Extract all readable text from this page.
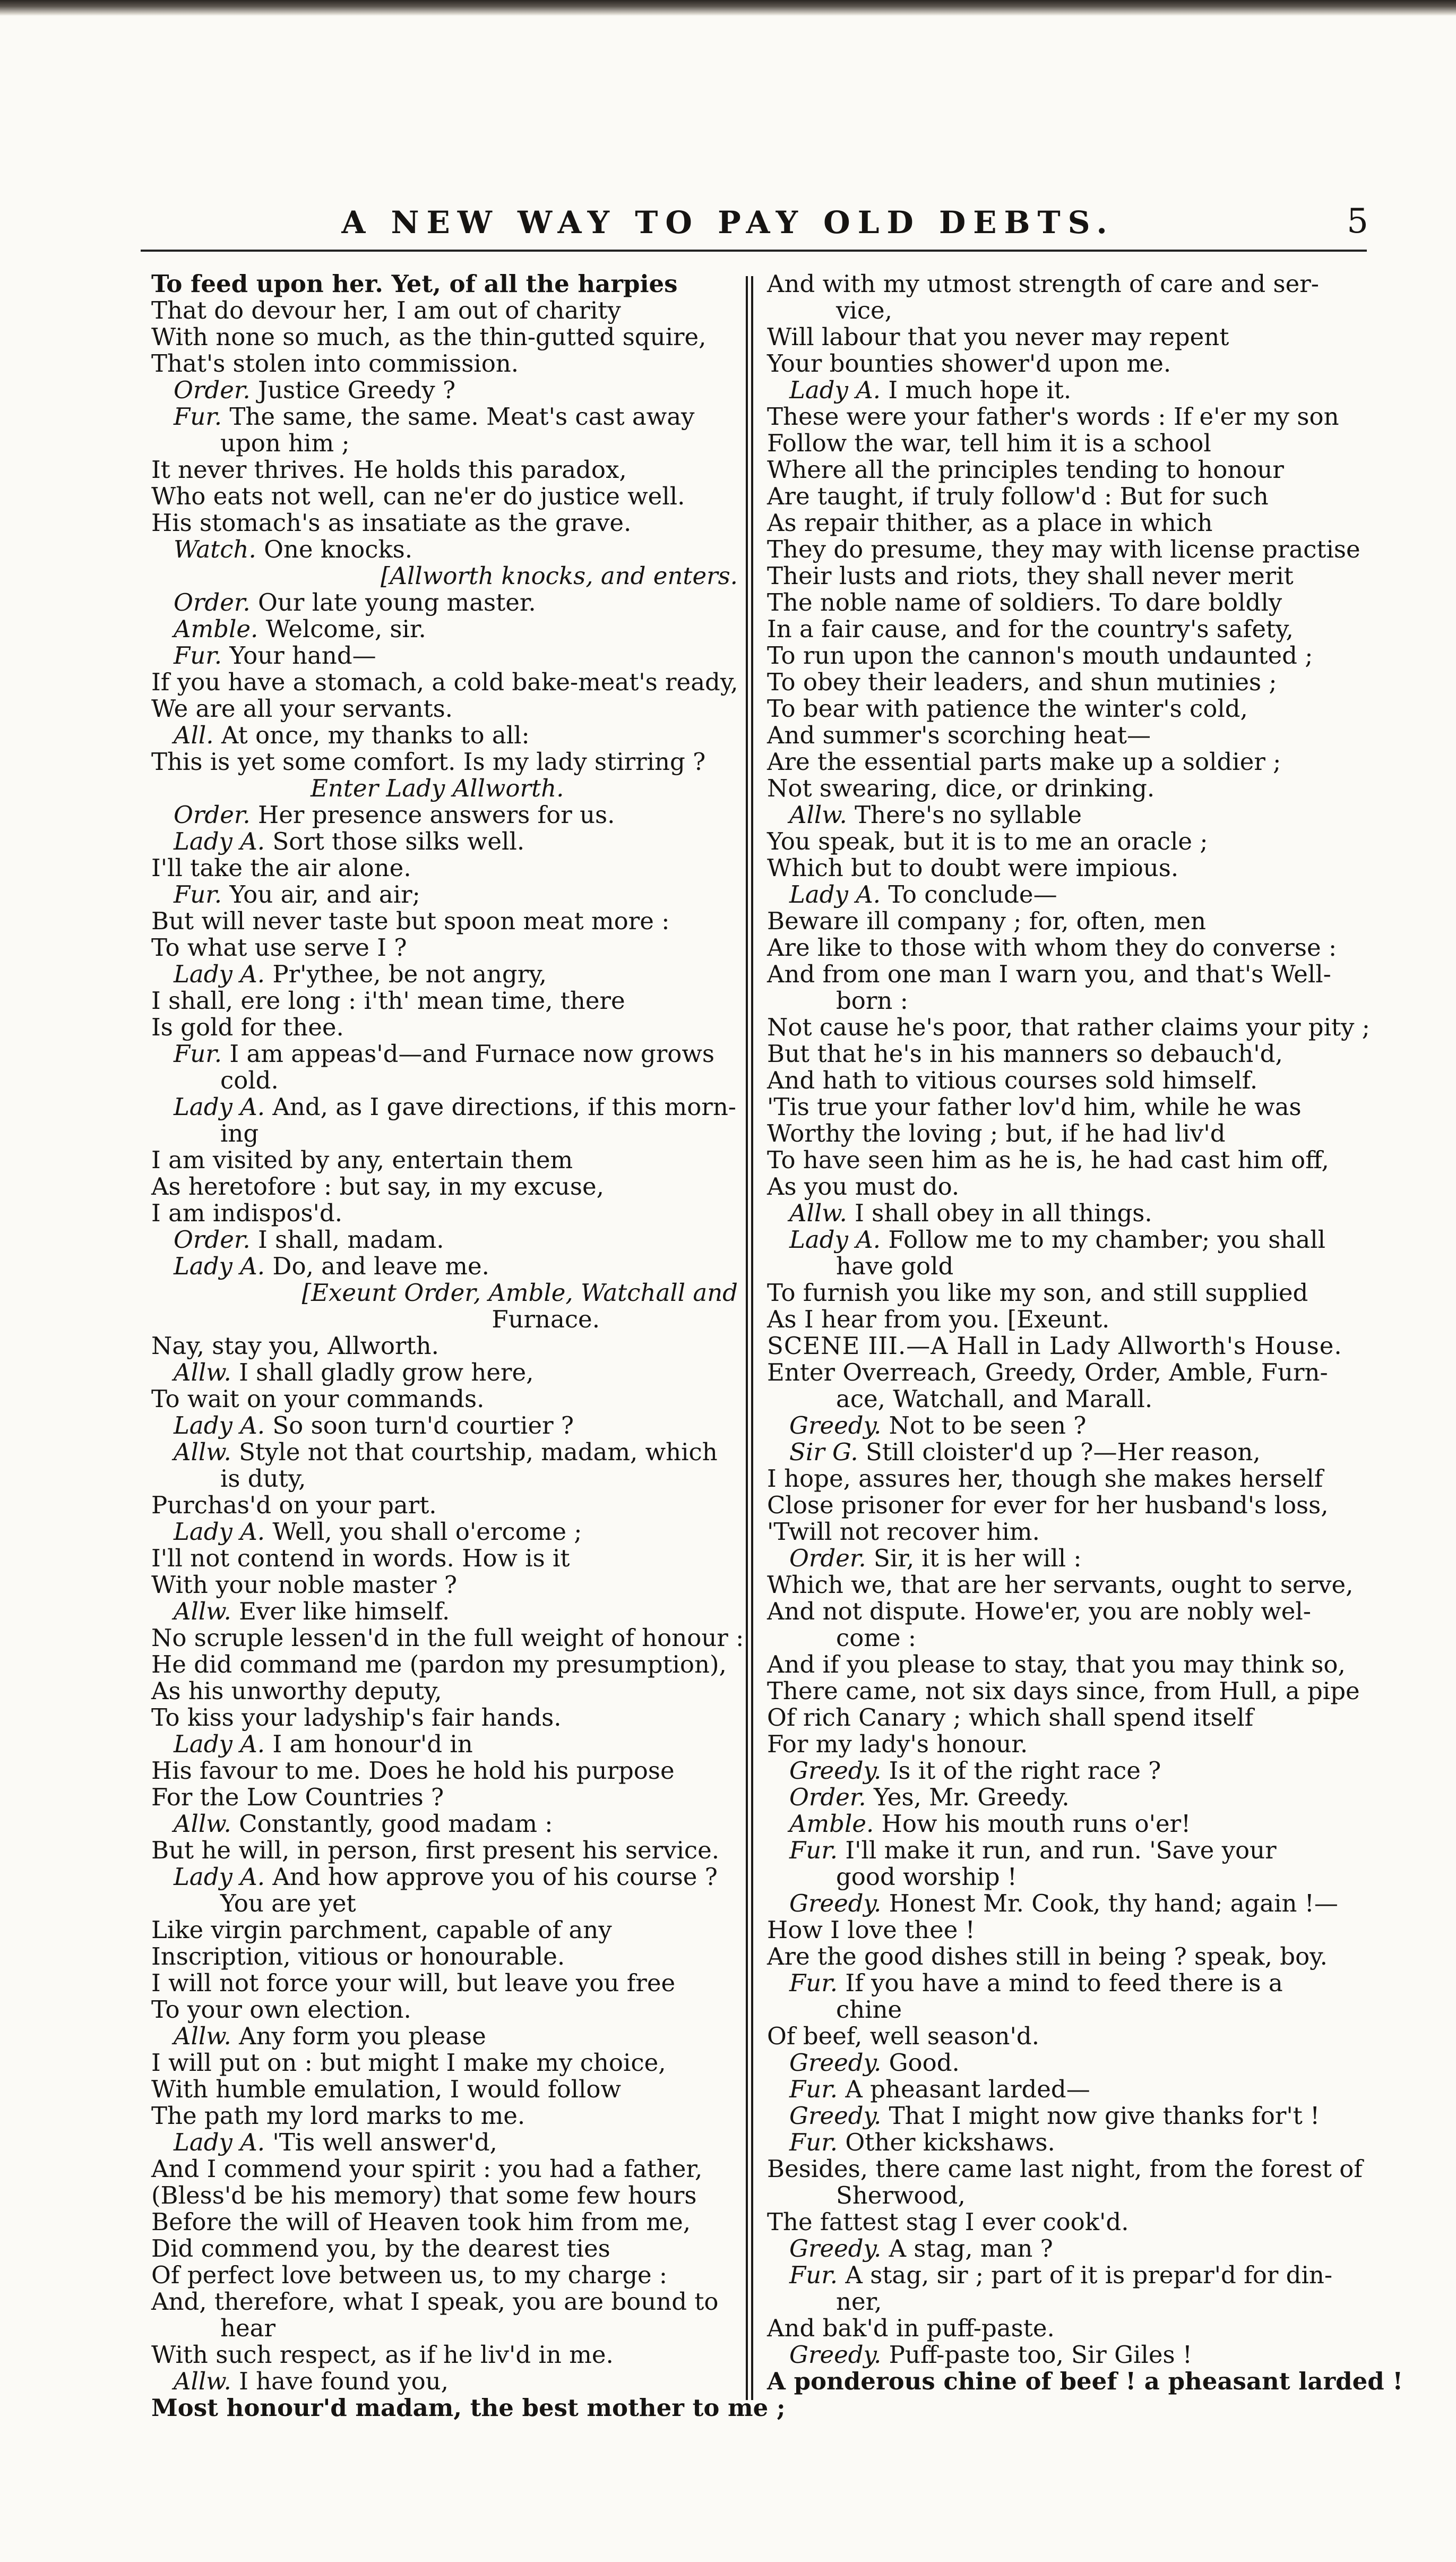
A NEW WAY TO PAY OLD DEBTS.	5
To feed upon her. Yet, of all the harpies
That do devour her, I am out of charity
With none so much, as the thin-gutted squire,
That's stolen into commission.
Order. Justice Greedy ?
Fur. The same, the same. Meat's cast away
upon him ;
It never thrives. He holds this paradox,
Who eats not well, can ne'er do justice well.
His stomach's as insatiate as the grave.
Watch. One knocks.
[Allworth knocks, and enters.
Order. Our late young master.
Amble. Welcome, sir.
Fur. Your hand—
If you have a stomach, a cold bake-meat's ready,
We are all your servants.
All. At once, my thanks to all:
This is yet some comfort. Is my lady stirring ?
Enter Lady Allworth.
Order. Her presence answers for us.
Lady A. Sort those silks well.
I'll take the air alone.
Fur. You air, and air;
But will never taste but spoon meat more :
To what use serve I ?
Lady A. Pr'ythee, be not angry,
I shall, ere long : i'th' mean time, there
Is gold for thee.
Fur. I am appeas'd—and Furnace now grows
cold.
Lady A. And, as I gave directions, if this morn-
ing
I am visited by any, entertain them
As heretofore : but say, in my excuse,
I am indispos'd.
Order. I shall, madam.
Lady A. Do, and leave me.
[Exeunt Order, Amble, Watchall and
Furnace.
Nay, stay you, Allworth.
Allw. I shall gladly grow here,
To wait on your commands.
Lady A. So soon turn'd courtier ?
Allw. Style not that courtship, madam, which
is duty,
Purchas'd on your part.
Lady A. Well, you shall o'ercome ;
I'll not contend in words. How is it
With your noble master ?
Allw. Ever like himself.
No scruple lessen'd in the full weight of honour :
He did command me (pardon my presumption),
As his unworthy deputy,
To kiss your ladyship's fair hands.
Lady A. I am honour'd in
His favour to me. Does he hold his purpose
For the Low Countries ?
Allw. Constantly, good madam :
But he will, in person, first present his service.
Lady A. And how approve you of his course ?
You are yet
Like virgin parchment, capable of any
Inscription, vitious or honourable.
I will not force your will, but leave you free
To your own election.
Allw. Any form you please
I will put on : but might I make my choice,
With humble emulation, I would follow
The path my lord marks to me.
Lady A. 'Tis well answer'd,
And I commend your spirit : you had a father,
(Bless'd be his memory) that some few hours
Before the will of Heaven took him from me,
Did commend you, by the dearest ties
Of perfect love between us, to my charge :
And, therefore, what I speak, you are bound to
hear
With such respect, as if he liv'd in me.
Allw. I have found you,
Most honour'd madam, the best mother to me ;
And with my utmost strength of care and ser-
vice,
Will labour that you never may repent
Your bounties shower'd upon me.
Lady A. I much hope it.
These were your father's words : If e'er my son
Follow the war, tell him it is a school
Where all the principles tending to honour
Are taught, if truly follow'd : But for such
As repair thither, as a place in which
They do presume, they may with license practise
Their lusts and riots, they shall never merit
The noble name of soldiers. To dare boldly
In a fair cause, and for the country's safety,
To run upon the cannon's mouth undaunted ;
To obey their leaders, and shun mutinies ;
To bear with patience the winter's cold,
And summer's scorching heat—
Are the essential parts make up a soldier ;
Not swearing, dice, or drinking.
Allw. There's no syllable
You speak, but it is to me an oracle ;
Which but to doubt were impious.
Lady A. To conclude—
Beware ill company ; for, often, men
Are like to those with whom they do converse :
And from one man I warn you, and that's Well-
born :
Not cause he's poor, that rather claims your pity ;
But that he's in his manners so debauch'd,
And hath to vitious courses sold himself.
'Tis true your father lov'd him, while he was
Worthy the loving ; but, if he had liv'd
To have seen him as he is, he had cast him off,
As you must do.
Allw. I shall obey in all things.
Lady A. Follow me to my chamber; you shall
have gold
To furnish you like my son, and still supplied
As I hear from you. [Exeunt.
SCENE III.—A Hall in Lady Allworth's House.
Enter Overreach, Greedy, Order, Amble, Furn-
ace, Watchall, and Marall.
Greedy. Not to be seen ?
Sir G. Still cloister'd up ?—Her reason,
I hope, assures her, though she makes herself
Close prisoner for ever for her husband's loss,
'Twill not recover him.
Order. Sir, it is her will :
Which we, that are her servants, ought to serve,
And not dispute. Howe'er, you are nobly wel-
come :
And if you please to stay, that you may think so,
There came, not six days since, from Hull, a pipe
Of rich Canary ; which shall spend itself
For my lady's honour.
Greedy. Is it of the right race ?
Order. Yes, Mr. Greedy.
Amble. How his mouth runs o'er!
Fur. I'll make it run, and run. 'Save your
good worship !
Greedy. Honest Mr. Cook, thy hand; again !—
How I love thee !
Are the good dishes still in being ? speak, boy.
Fur. If you have a mind to feed there is a
chine
Of beef, well season'd.
Greedy. Good.
Fur. A pheasant larded—
Greedy. That I might now give thanks for't !
Fur. Other kickshaws.
Besides, there came last night, from the forest of
Sherwood,
The fattest stag I ever cook'd.
Greedy. A stag, man ?
Fur. A stag, sir ; part of it is prepar'd for din-
ner,
And bak'd in puff-paste.
Greedy. Puff-paste too, Sir Giles !
A ponderous chine of beef ! a pheasant larded !
